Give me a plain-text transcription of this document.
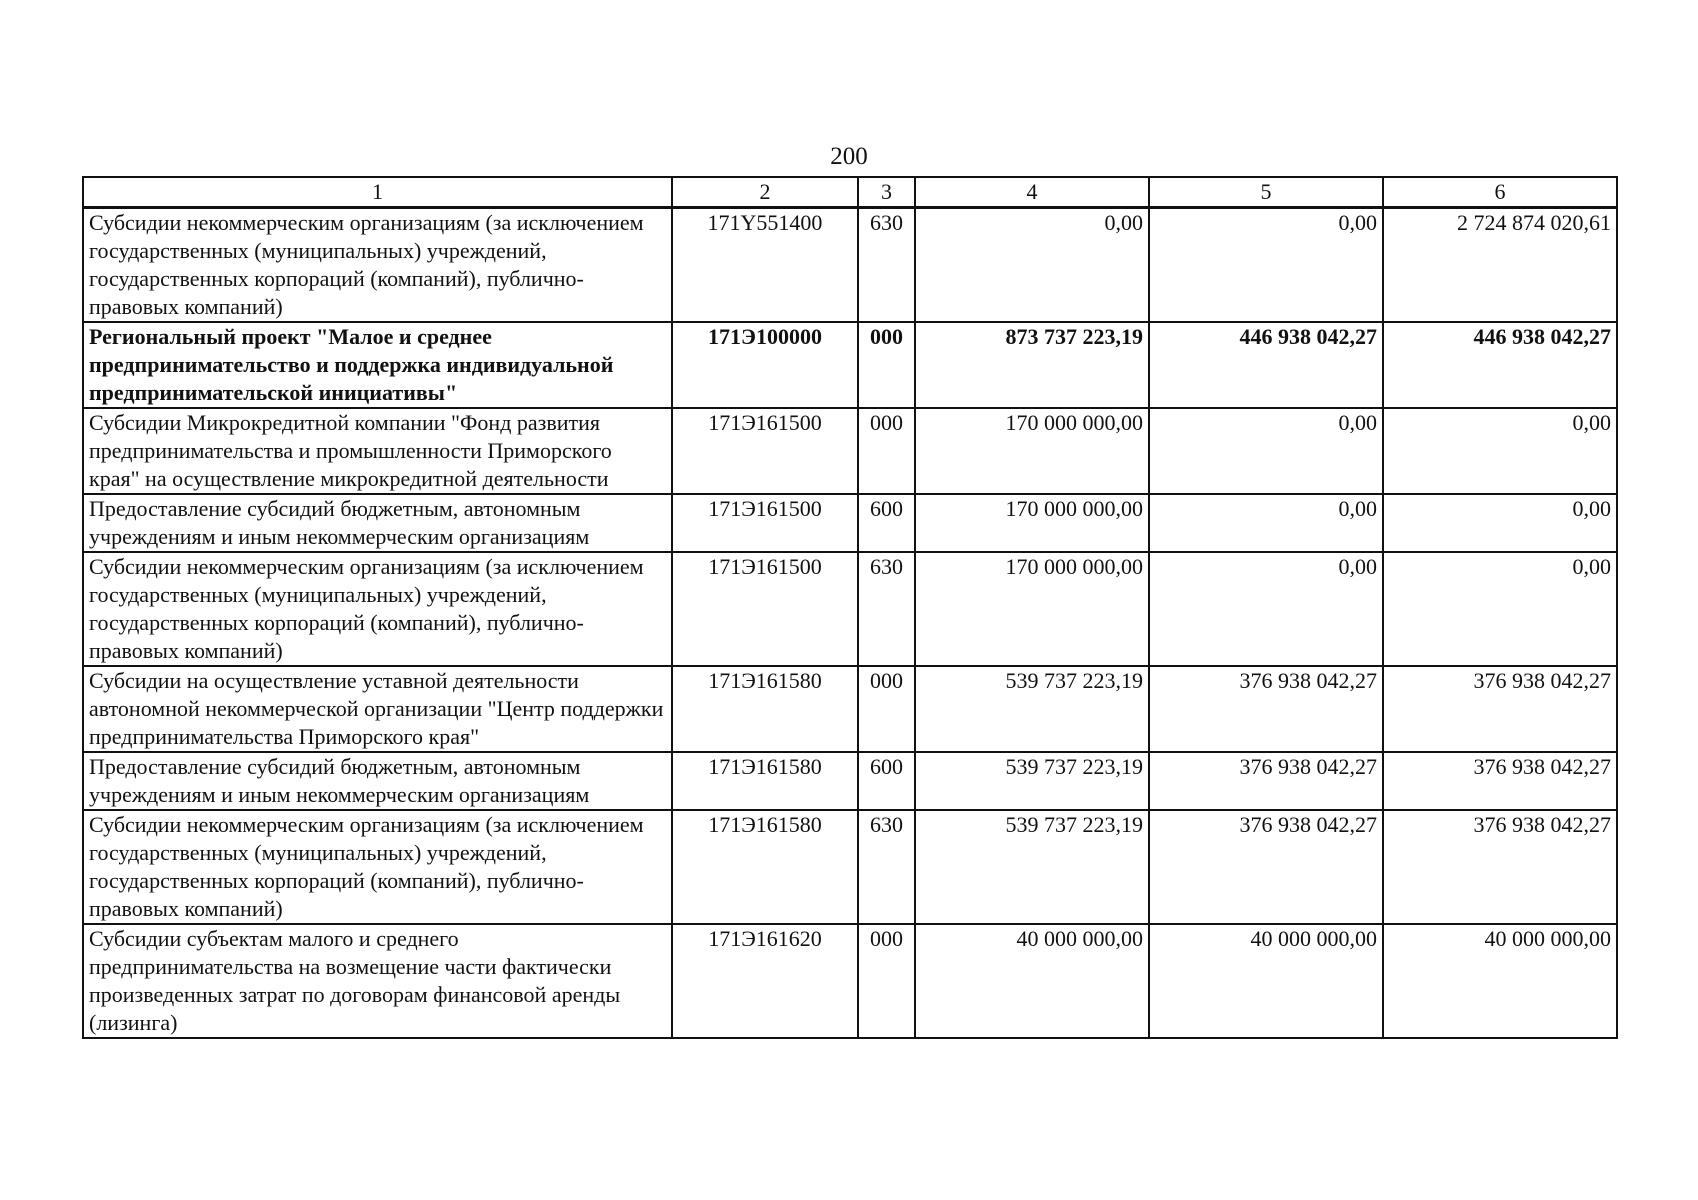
200
1	2	3	4	5	6
Субсидии некоммерческим организациям (за исключением государственных (муниципальных) учреждений, государственных корпораций (компаний), публично-правовых компаний)	171Y551400	630	0,00	0,00	2 724 874 020,61
Региональный проект "Малое и среднее предпринимательство и поддержка индивидуальной предпринимательской инициативы"	171Э100000	000	873 737 223,19	446 938 042,27	446 938 042,27
Субсидии Микрокредитной компании "Фонд развития предпринимательства и промышленности Приморского края" на осуществление микрокредитной деятельности	171Э161500	000	170 000 000,00	0,00	0,00
Предоставление субсидий бюджетным, автономным учреждениям и иным некоммерческим организациям	171Э161500	600	170 000 000,00	0,00	0,00
Субсидии некоммерческим организациям (за исключением государственных (муниципальных) учреждений, государственных корпораций (компаний), публично-правовых компаний)	171Э161500	630	170 000 000,00	0,00	0,00
Субсидии на осуществление уставной деятельности автономной некоммерческой организации "Центр поддержки предпринимательства Приморского края"	171Э161580	000	539 737 223,19	376 938 042,27	376 938 042,27
Предоставление субсидий бюджетным, автономным учреждениям и иным некоммерческим организациям	171Э161580	600	539 737 223,19	376 938 042,27	376 938 042,27
Субсидии некоммерческим организациям (за исключением государственных (муниципальных) учреждений, государственных корпораций (компаний), публично-правовых компаний)	171Э161580	630	539 737 223,19	376 938 042,27	376 938 042,27
Субсидии субъектам малого и среднего предпринимательства на возмещение части фактически произведенных затрат по договорам финансовой аренды (лизинга)	171Э161620	000	40 000 000,00	40 000 000,00	40 000 000,00
